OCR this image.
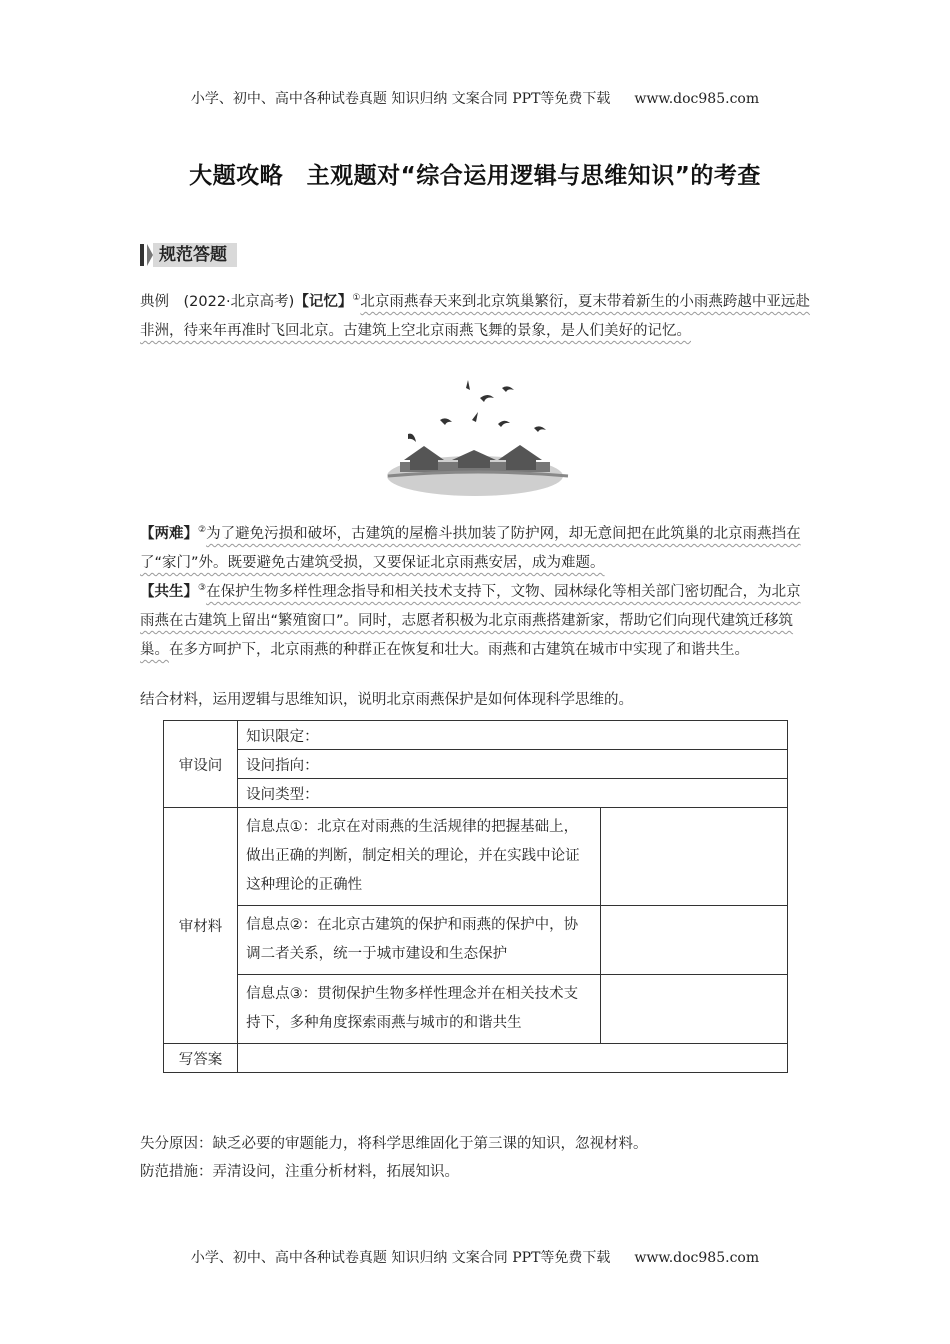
小学、初中、高中各种试卷真题 知识归纳 文案合同 PPT等免费下载 www.doc985.com
大题攻略　主观题对“综合运用逻辑与思维知识”的考查
规范答题
典例　 (2022·北京高考)【记忆】①北京雨燕春天来到北京筑巢繁衍，夏末带着新生的小雨燕跨越中亚远赴非洲，待来年再准时飞回北京。古建筑上空北京雨燕飞舞的景象，是人们美好的记忆。
【两难】②为了避免污损和破坏，古建筑的屋檐斗拱加装了防护网，却无意间把在此筑巢的北京雨燕挡在了“家门”外。既要避免古建筑受损，又要保证北京雨燕安居，成为难题。
【共生】③在保护生物多样性理念指导和相关技术支持下，文物、园林绿化等相关部门密切配合，为北京雨燕在古建筑上留出“繁殖窗口”。同时，志愿者积极为北京雨燕搭建新家，帮助它们向现代建筑迁移筑巢。在多方呵护下，北京雨燕的种群正在恢复和壮大。雨燕和古建筑在城市中实现了和谐共生。
结合材料，运用逻辑与思维知识，说明北京雨燕保护是如何体现科学思维的。
审设问	知识限定：	
	设问指向：	
	设问类型：	
审材料	信息点①：北京在对雨燕的生活规律的把握基础上，做出正确的判断，制定相关的理论，并在实践中论证这种理论的正确性	
	信息点②：在北京古建筑的保护和雨燕的保护中，协调二者关系，统一于城市建设和生态保护	
	信息点③：贯彻保护生物多样性理念并在相关技术支持下，多种角度探索雨燕与城市的和谐共生	
写答案		
失分原因：缺乏必要的审题能力，将科学思维固化于第三课的知识，忽视材料。
防范措施：弄清设问，注重分析材料，拓展知识。
小学、初中、高中各种试卷真题 知识归纳 文案合同 PPT等免费下载 www.doc985.com
